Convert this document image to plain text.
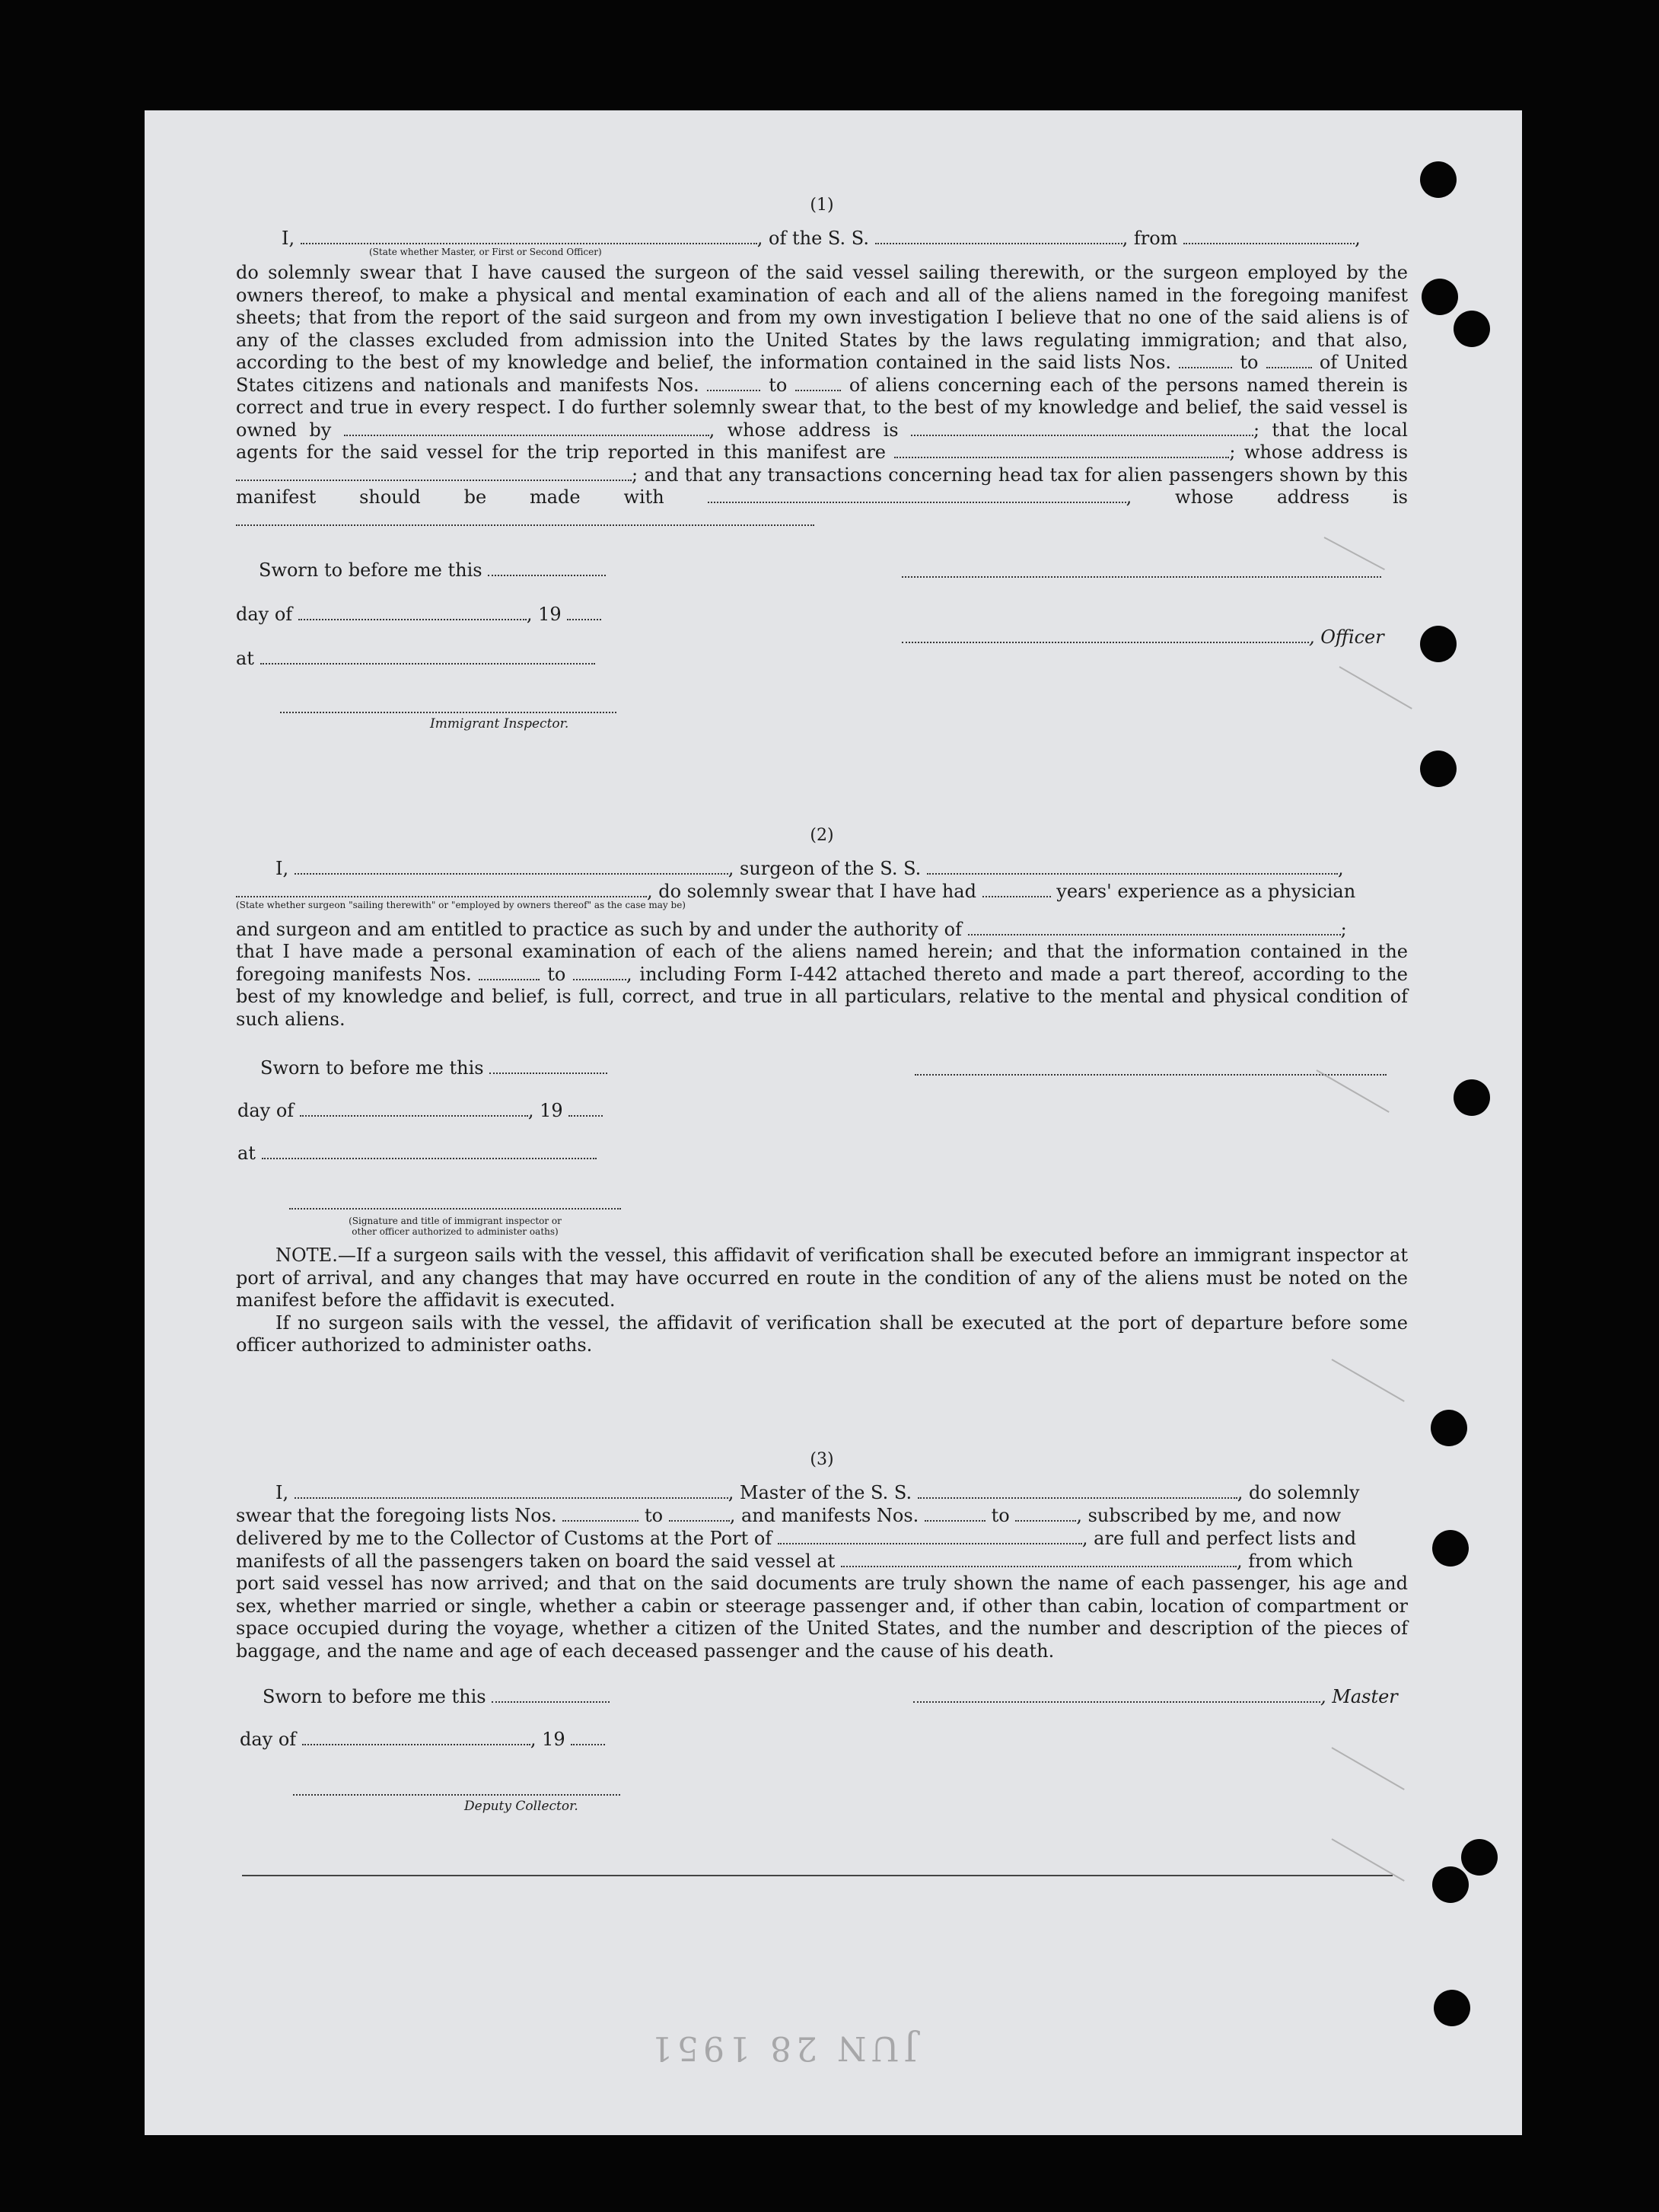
(1)
I,	, of the S. S.	, from	,
(State whether Master, or First or Second Officer)
do solemnly swear that I have caused the surgeon of the said vessel sailing therewith, or the surgeon employed by the owners thereof, to make a physical and mental examination of each and all of the aliens named in the foregoing manifest sheets; that from the report of the said surgeon and from my own investigation I believe that no one of the said aliens is of any of the classes excluded from admission into the United States by the laws regulating immigration; and that also, according to the best of my knowledge and belief, the information contained in the said lists Nos.	to	of United States citizens and nationals and manifests Nos.	to	of aliens concerning each of the persons named therein is correct and true in every respect. I do further solemnly swear that, to the best of my knowledge and belief, the said vessel is owned by	, whose address is	; that the local agents for the said vessel for the trip reported in this manifest are	; whose address is ; and that any transactions concerning head tax for alien passengers shown by this manifest should be made with	, whose address is
Sworn to before me this
day of	, 19
, Officer
at
Immigrant Inspector.
(2)
I,	, surgeon of the S. S.	,
, do solemnly swear that I have had	years' experience as a physician
(State whether surgeon "sailing therewith" or "employed by owners thereof" as the case may be)
and surgeon and am entitled to practice as such by and under the authority of	;
that I have made a personal examination of each of the aliens named herein; and that the information contained in the foregoing manifests Nos.	to	, including Form I-442 attached thereto and made a part thereof, according to the best of my knowledge and belief, is full, correct, and true in all particulars, relative to the mental and physical condition of such aliens.
Sworn to before me this
day of	, 19
at
(Signature and title of immigrant inspector or
other officer authorized to administer oaths)
NOTE.—If a surgeon sails with the vessel, this affidavit of verification shall be executed before an immigrant inspector at port of arrival, and any changes that may have occurred en route in the condition of any of the aliens must be noted on the manifest before the affidavit is executed.
If no surgeon sails with the vessel, the affidavit of verification shall be executed at the port of departure before some officer authorized to administer oaths.
(3)
I,	, Master of the S. S.	, do solemnly
swear that the foregoing lists Nos.	to	, and manifests Nos.	to	, subscribed by me, and now
delivered by me to the Collector of Customs at the Port of	, are full and perfect lists and
manifests of all the passengers taken on board the said vessel at	, from which
port said vessel has now arrived; and that on the said documents are truly shown the name of each passenger, his age and sex, whether married or single, whether a cabin or steerage passenger and, if other than cabin, location of compartment or space occupied during the voyage, whether a citizen of the United States, and the number and description of the pieces of baggage, and the name and age of each deceased passenger and the cause of his death.
Sworn to before me this	, Master
day of	, 19
Deputy Collector.
JUN 28 1951
